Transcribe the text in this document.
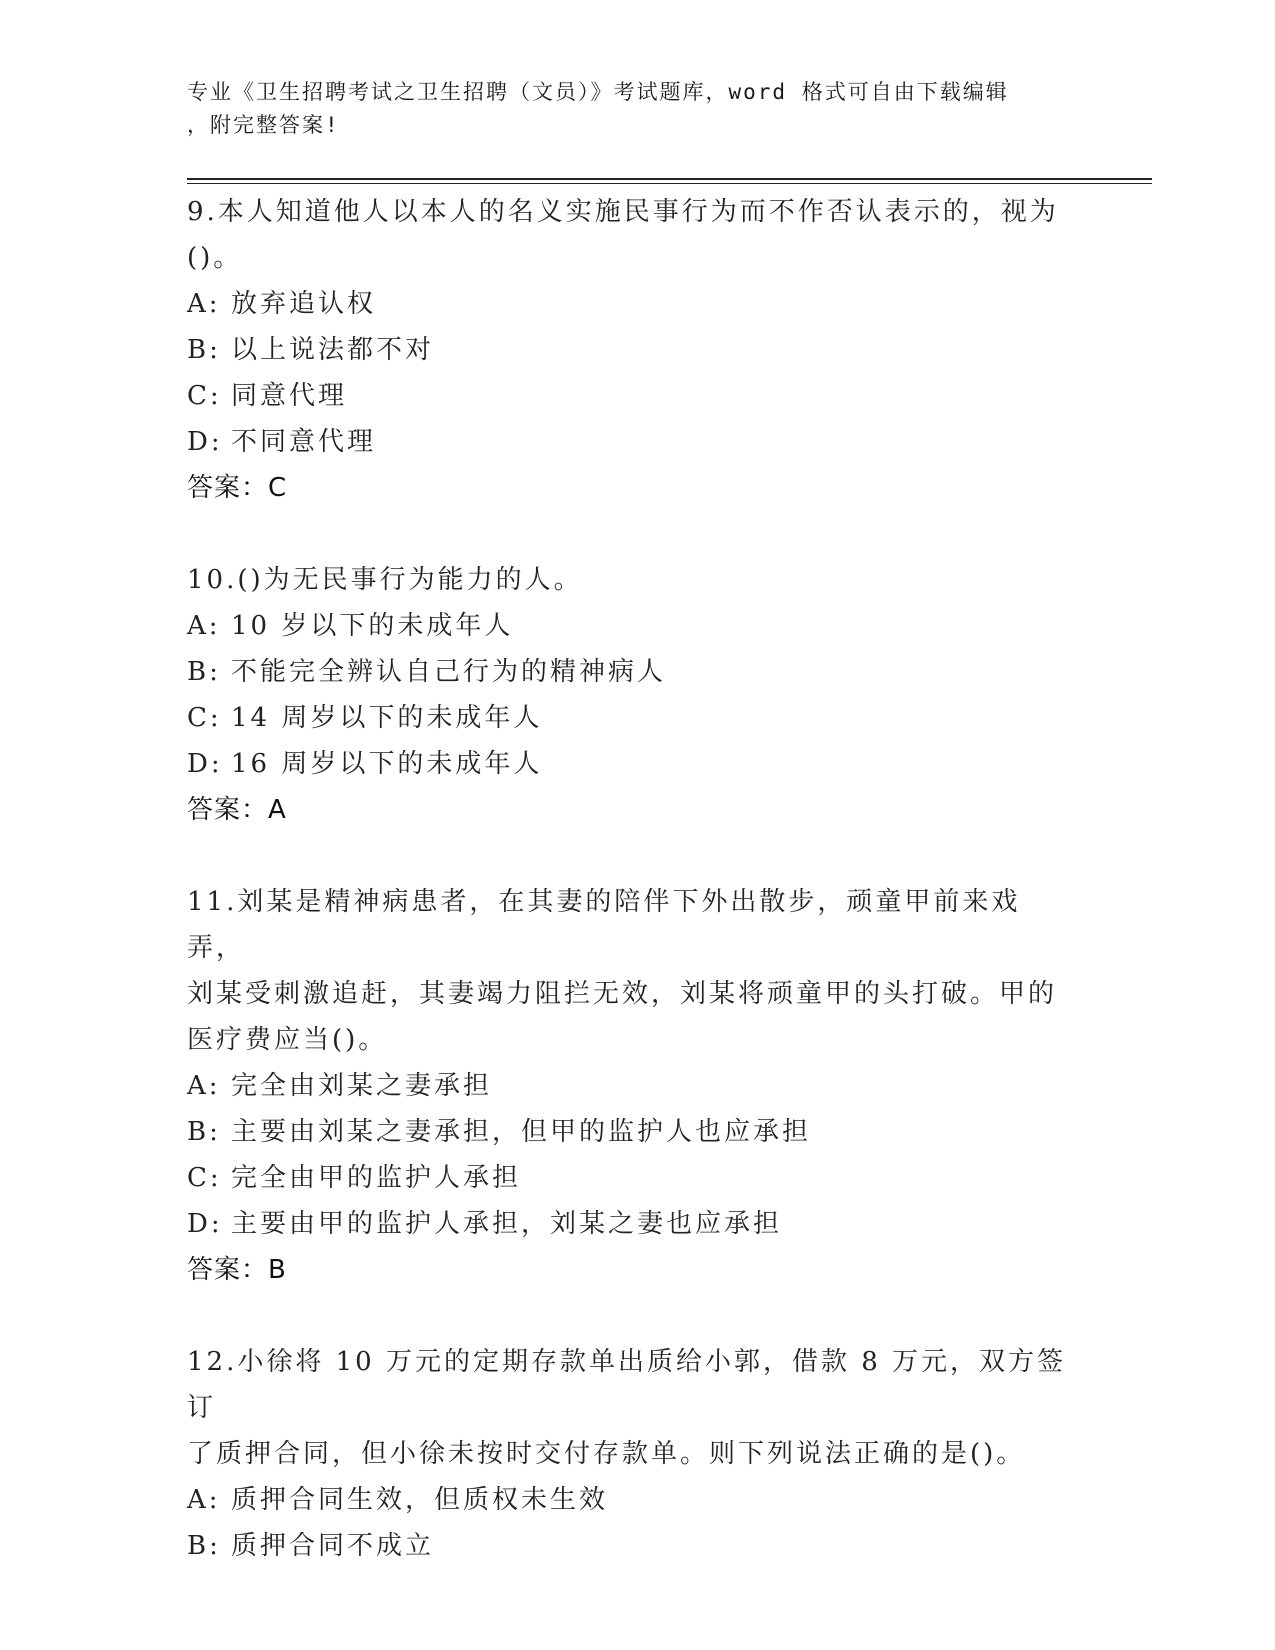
专业《卫生招聘考试之卫生招聘（文员）》考试题库，word 格式可自由下载编辑
，附完整答案!
9.本人知道他人以本人的名义实施民事行为而不作否认表示的，视为
()。
A: 放弃追认权
B: 以上说法都不对
C: 同意代理
D: 不同意代理
答案：C
10.()为无民事行为能力的人。
A: 10 岁以下的未成年人
B: 不能完全辨认自己行为的精神病人
C: 14 周岁以下的未成年人
D: 16 周岁以下的未成年人
答案：A
11.刘某是精神病患者，在其妻的陪伴下外出散步，顽童甲前来戏弄，
刘某受刺激追赶，其妻竭力阻拦无效，刘某将顽童甲的头打破。甲的
医疗费应当()。
A: 完全由刘某之妻承担
B: 主要由刘某之妻承担，但甲的监护人也应承担
C: 完全由甲的监护人承担
D: 主要由甲的监护人承担，刘某之妻也应承担
答案：B
12.小徐将 10 万元的定期存款单出质给小郭，借款 8 万元，双方签订
了质押合同，但小徐未按时交付存款单。则下列说法正确的是()。
A: 质押合同生效，但质权未生效
B: 质押合同不成立
